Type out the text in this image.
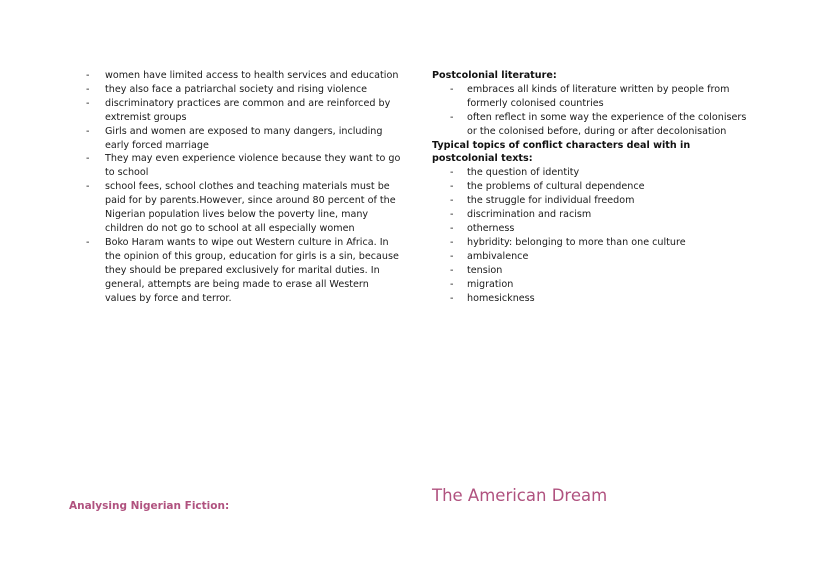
- women have limited access to health services and education
- they also face a patriarchal society and rising violence
- discriminatory practices are common and are reinforced by extremist groups
- Girls and women are exposed to many dangers, including early forced marriage
- They may even experience violence because they want to go to school
- school fees, school clothes and teaching materials must be paid for by parents.However, since around 80 percent of the Nigerian population lives below the poverty line, many children do not go to school at all especially women
- Boko Haram wants to wipe out Western culture in Africa. In the opinion of this group, education for girls is a sin, because they should be prepared exclusively for marital duties. In general, attempts are being made to erase all Western values by force and terror.
Postcolonial literature:
- embraces all kinds of literature written by people from formerly colonised countries
- often reflect in some way the experience of the colonisers or the colonised before, during or after decolonisation
Typical topics of conflict characters deal with in postcolonial texts:
- the question of identity
- the problems of cultural dependence
- the struggle for individual freedom
- discrimination and racism
- otherness
- hybridity: belonging to more than one culture
- ambivalence
- tension
- migration
- homesickness
Analysing Nigerian Fiction:
The American Dream
